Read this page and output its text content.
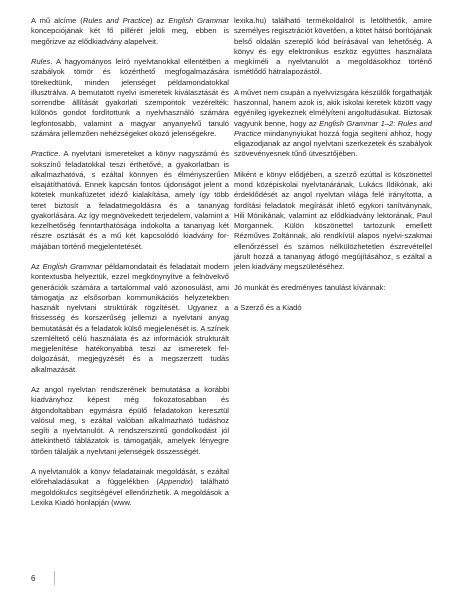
A mű alcíme (Rules and Practice) az English Grammar koncepciójának két fő pillérét jelöli meg, ebben is megőrizve az elődkiadvány alapelveit.

Rules. A hagyományos leíró nyelvtanokkal ellentétben a szabályok tömör és közérthető megfogalmazására törekedtünk, minden jelenséget példamondatokkal illusztrálva. A bemutatott nyelvi ismeretek kiválasztását és sorrendbe állítását gyakorlati szempontok vezérelték: különös gondot fordítottunk a nyelvhasználó számára legfontosabb, valamint a magyar anyanyelvű tanuló számára jellemzően nehézségeket okozó jelenségekre.

Practice. A nyelvtani ismereteket a könyv nagyszámú és sokszínű feladatokkal teszi érthetővé, a gyakorlatban is alkalmazhatóvá, s ezáltal könnyen és élményszerűen elsajátíthatóvá. Ennek kapcsán fontos újdonságot jelent a kötetek munkafüzetet idéző kialakítása, amely így több teret biztosít a feladatmegoldásra és a tananyag gyakorlására. Az így megnövekedett terjedelem, valamint a kezelhetőség fenntarthatósága indokolta a tananyag két részre osztását és a mű két kapcsolódó kiadvány formájában történő megjelentetését.

Az English Grammar példamondatait és feladatait modern kontextusba helyeztük, ezzel megkönynyítve a felnövekvő generációk számára a tartalommal való azonosulást, ami támogatja az elsősorban kommunikációs helyzetekben használt nyelvtani struktúrák rögzítését. Ugyanez a frissesség és korszerűség jellemzi a nyelvtani anyag bemutatását és a feladatok külső megjelenését is. A színek szemléltető célú használata és az információk strukturált megjelenítése hatékonyabbá teszi az ismeretek feldolgozását, megjegyzését és a megszerzett tudás alkalmazását.

Az angol nyelvtan rendszerének bemutatása a korábbi kiadványhoz képest még fokozatosabban és átgondoltabban egymásra épülő feladatokon keresztül valósul meg, s ezáltal valóban alkalmazható tudáshoz segíti a nyelvtanulót. A rendszerszintű gondolkodást jól áttekinthető táblázatok is támogatják, amelyek lényegre törően tálalják a nyelvtani jelenségek összességét.

A nyelvtanulók a könyv feladatainak megoldását, s ezáltal előrehaladásukat a függelékben (Appendix) található megoldókulcs segítségével ellenőrizhetik. A megoldások a Lexika Kiadó honlapján (www.

lexika.hu) található termékoldalról is letölthetők, amire személyes regisztrációt követően, a kötet hátsó borítójának belső oldalán szereplő kód beírásával van lehetőség. A könyv és egy elektronikus eszköz együttes használata megkíméli a nyelvtanulót a megoldásokhoz történő ismétlődő hátralapozástól.

A művet nem csupán a nyelvvizsgára készülők forgathatják haszonnal, hanem azok is, akik iskolai keretek között vagy egyénileg igyekeznek elmélyíteni angoltudásukat. Biztosak vagyunk benne, hogy az English Grammar 1–2: Rules and Practice mindanynyiukat hozzá fogja segíteni ahhoz, hogy eligazodjanak az angol nyelvtani szerkezetek és szabályok szövevényesnek tűnő útvesztőjében.

Miként e könyv elődjében, a szerző ezúttal is köszönettel mond középiskolai nyelvtanárának, Lukács Ildikónak, aki érdeklődését az angol nyelvtan világa felé irányította, a fordítási feladatok megírását ihlető egykori tanítványnak, Hili Mónikának, valamint az elődkiadvány lektorának, Paul Morgannek. Külön köszönettel tartozunk emellett Rézműves Zoltánnak, aki rendkívül alapos nyelvi-szakmai ellenőrzéssel és számos nélkülözhetetlen észrevétellel járult hozzá a tananyag átfogó megújításához, s ezáltal a jelen kiadvány megszületéséhez.

Jó munkát és eredményes tanulást kívánnak:

a Szerző és a Kiadó

6
